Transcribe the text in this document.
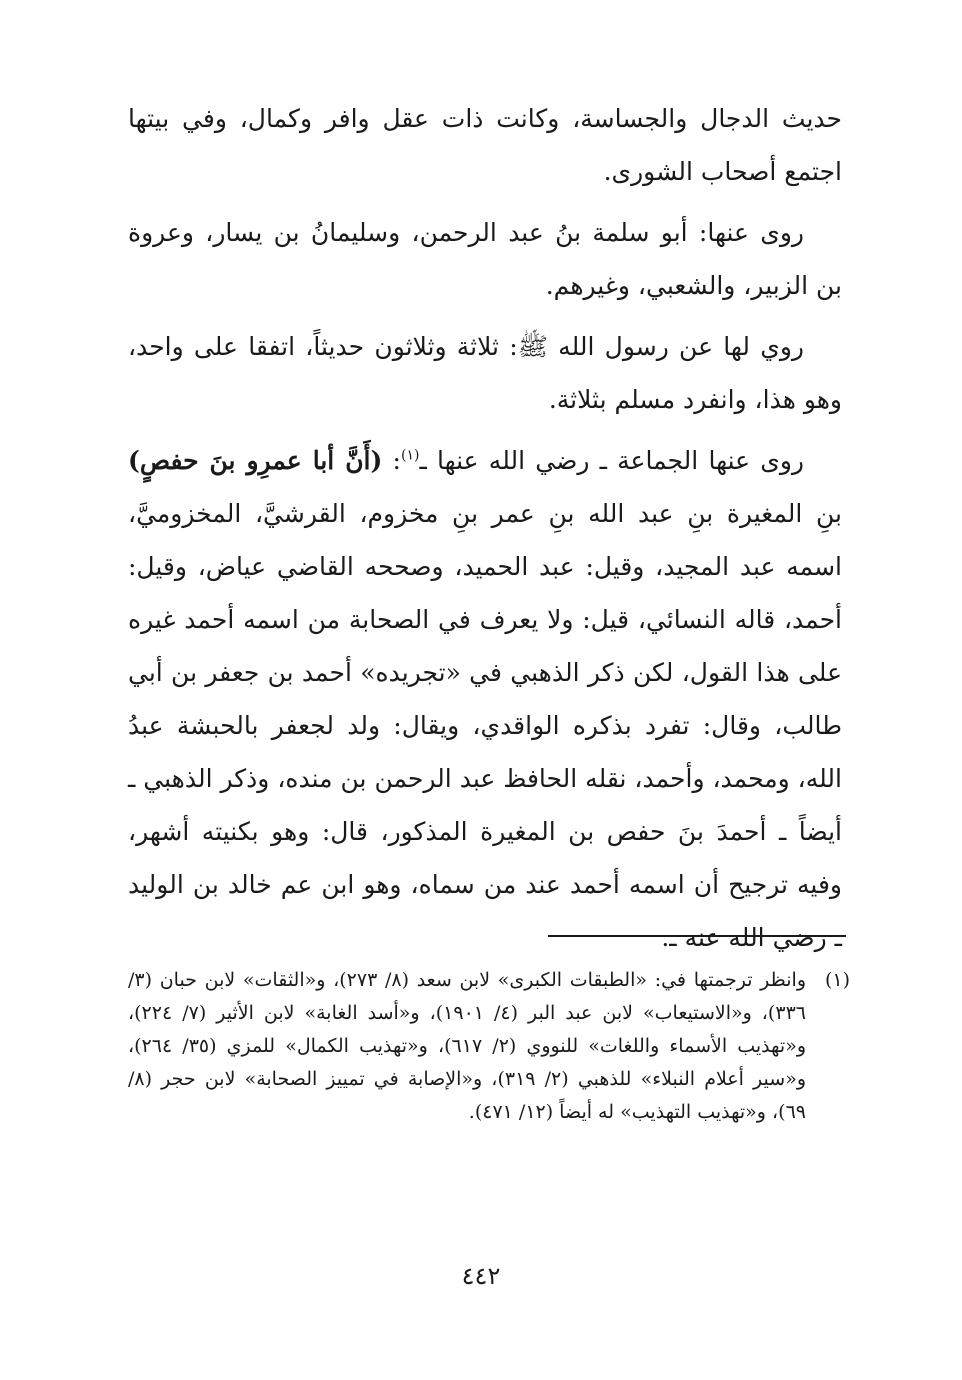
حديث الدجال والجساسة، وكانت ذات عقل وافر وكمال، وفي بيتها اجتمع أصحاب الشورى.

روى عنها: أبو سلمة بنُ عبد الرحمن، وسليمانُ بن يسار، وعروة بن الزبير، والشعبي، وغيرهم.

روي لها عن رسول الله ﷺ: ثلاثة وثلاثون حديثاً، اتفقا على واحد، وهو هذا، وانفرد مسلم بثلاثة.

روى عنها الجماعة ـ رضي الله عنها ـ$^{(١)}$: (أَنَّ أبا عمرِو بنَ حفصٍ) بنِ المغيرة بنِ عبد الله بنِ عمر بنِ مخزوم، القرشيَّ، المخزوميَّ، اسمه عبد المجيد، وقيل: عبد الحميد، وصححه القاضي عياض، وقيل: أحمد، قاله النسائي، قيل: ولا يعرف في الصحابة من اسمه أحمد غيره على هذا القول، لكن ذكر الذهبي في «تجريده» أحمد بن جعفر بن أبي طالب، وقال: تفرد بذكره الواقدي، ويقال: ولد لجعفر بالحبشة عبدُ الله، ومحمد، وأحمد، نقله الحافظ عبد الرحمن بن منده، وذكر الذهبي ـ أيضاً ـ أحمدَ بنَ حفص بن المغيرة المذكور، قال: وهو بكنيته أشهر، وفيه ترجيح أن اسمه أحمد عند من سماه، وهو ابن عم خالد بن الوليد ـ رضي الله عنه ـ.

(١)
وانظر ترجمتها في: «الطبقات الكبرى» لابن سعد (٨/ ٢٧٣)، و«الثقات» لابن حبان (٣/ ٣٣٦)، و«الاستيعاب» لابن عبد البر (٤/ ١٩٠١)، و«أسد الغابة» لابن الأثير (٧/ ٢٢٤)، و«تهذيب الأسماء واللغات» للنووي (٢/ ٦١٧)، و«تهذيب الكمال» للمزي (٣٥/ ٢٦٤)، و«سير أعلام النبلاء» للذهبي (٢/ ٣١٩)، و«الإصابة في تمييز الصحابة» لابن حجر (٨/ ٦٩)، و«تهذيب التهذيب» له أيضاً (١٢/ ٤٧١).
٤٤٢
